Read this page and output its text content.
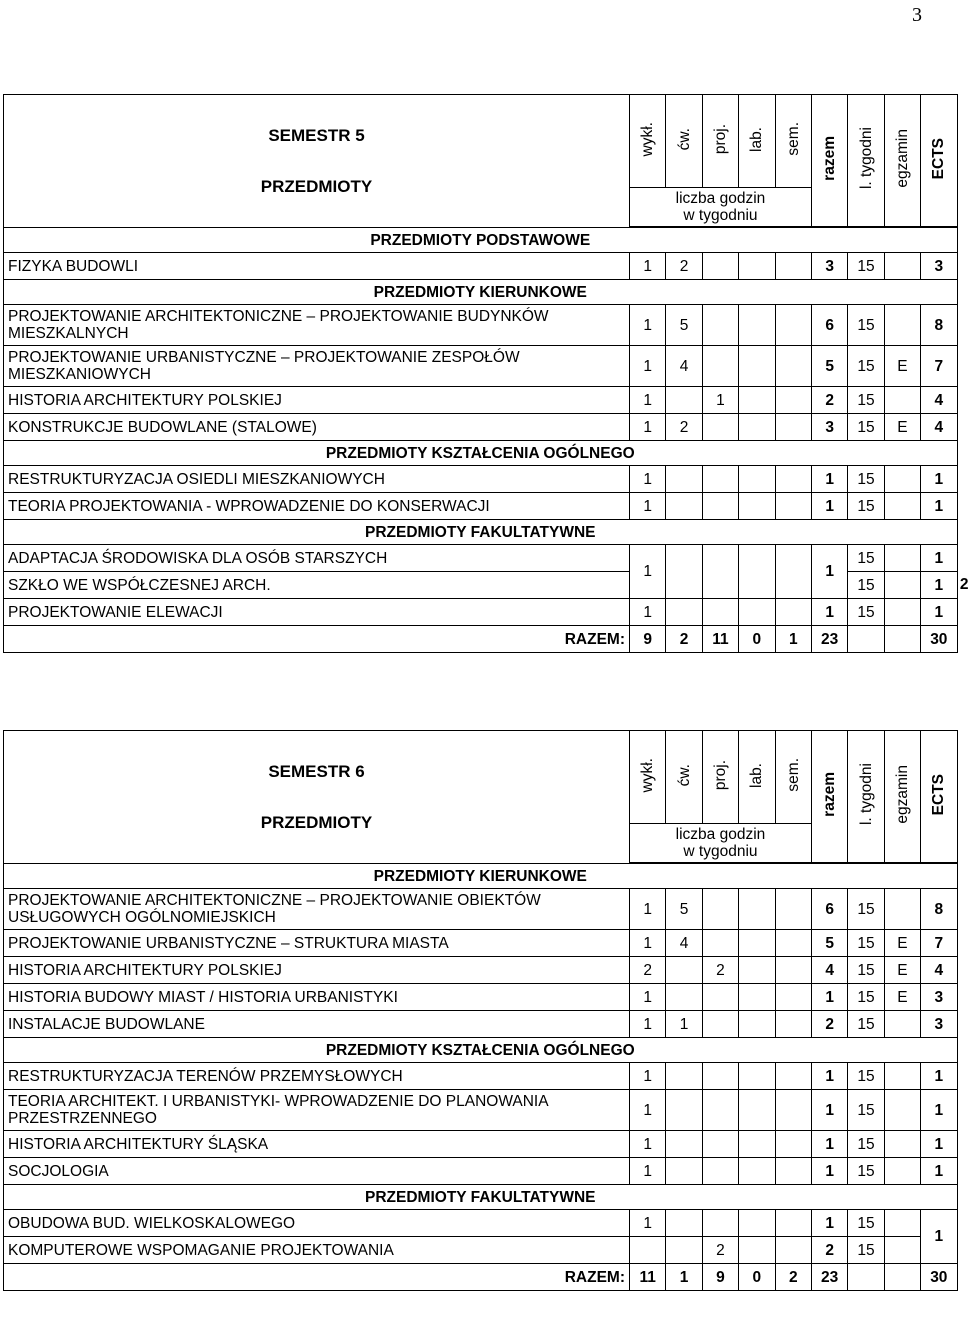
3
SEMESTR 5
PRZEDMIOTY	wykł.	ćw.	proj.	lab.	sem.	razem	l. tygodni	egzamin	ECTS

	liczba godzin
w tygodniu								

PRZEDMIOTY PODSTAWOWE									
FIZYKA BUDOWLI	1	2				3	15		3
PRZEDMIOTY KIERUNKOWE									
PROJEKTOWANIE ARCHITEKTONICZNE – PROJEKTOWANIE BUDYNKÓW MIESZKALNYCH	1	5				6	15		8
PROJEKTOWANIE URBANISTYCZNE – PROJEKTOWANIE ZESPOŁÓW MIESZKANIOWYCH	1	4				5	15	E	7
HISTORIA ARCHITEKTURY POLSKIEJ	1		1			2	15		4
KONSTRUKCJE BUDOWLANE (STALOWE)	1	2				3	15	E	4
PRZEDMIOTY KSZTAŁCENIA OGÓLNEGO									
RESTRUKTURYZACJA OSIEDLI MIESZKANIOWYCH	1					1	15		1
TEORIA PROJEKTOWANIA - WPROWADZENIE DO KONSERWACJI	1					1	15		1
PRZEDMIOTY FAKULTATYWNE									
ADAPTACJA ŚRODOWISKA DLA OSÓB STARSZYCH	1					1	15		1
SZKŁO WE WSPÓŁCZESNEJ ARCH.							15		1 2

PROJEKTOWANIE ELEWACJI	1					1	15		1
RAZEM:	9	2	11	0	1	23			30
SEMESTR 6
PRZEDMIOTY	wykł.	ćw.	proj.	lab.	sem.	razem	l. tygodni	egzamin	ECTS

	liczba godzin
w tygodniu								

PRZEDMIOTY KIERUNKOWE									
PROJEKTOWANIE ARCHITEKTONICZNE – PROJEKTOWANIE OBIEKTÓW USŁUGOWYCH OGÓLNOMIEJSKICH	1	5				6	15		8
PROJEKTOWANIE URBANISTYCZNE – STRUKTURA MIASTA	1	4				5	15	E	7
HISTORIA ARCHITEKTURY POLSKIEJ	2		2			4	15	E	4
HISTORIA BUDOWY MIAST / HISTORIA URBANISTYKI	1					1	15	E	3
INSTALACJE BUDOWLANE	1	1				2	15		3
PRZEDMIOTY KSZTAŁCENIA OGÓLNEGO									
RESTRUKTURYZACJA TERENÓW PRZEMYSŁOWYCH	1					1	15		1
TEORIA ARCHITEKT. I URBANISTYKI- WPROWADZENIE DO PLANOWANIA PRZESTRZENNEGO	1					1	15		1
HISTORIA ARCHITEKTURY ŚLĄSKA	1					1	15		1
SOCJOLOGIA	1					1	15		1
PRZEDMIOTY FAKULTATYWNE									
OBUDOWA BUD. WIELKOSKALOWEGO	1					1	15		1
KOMPUTEROWE WSPOMAGANIE PROJEKTOWANIA			2			2	15		
RAZEM:	11	1	9	0	2	23			30
